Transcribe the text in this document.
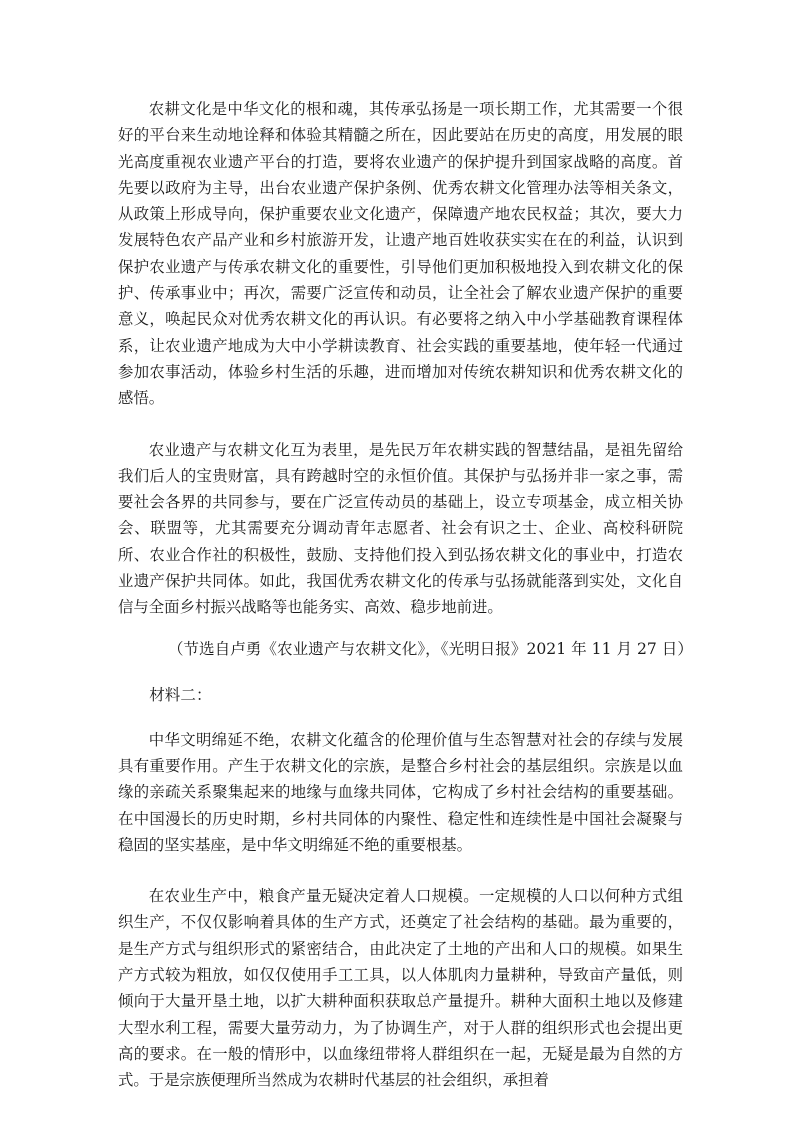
农耕文化是中华文化的根和魂，其传承弘扬是一项长期工作，尤其需要一个很好的平台来生动地诠释和体验其精髓之所在，因此要站在历史的高度，用发展的眼光高度重视农业遗产平台的打造，要将农业遗产的保护提升到国家战略的高度。首先要以政府为主导，出台农业遗产保护条例、优秀农耕文化管理办法等相关条文，从政策上形成导向，保护重要农业文化遗产，保障遗产地农民权益；其次，要大力发展特色农产品产业和乡村旅游开发，让遗产地百姓收获实实在在的利益，认识到保护农业遗产与传承农耕文化的重要性，引导他们更加积极地投入到农耕文化的保护、传承事业中；再次，需要广泛宣传和动员，让全社会了解农业遗产保护的重要意义，唤起民众对优秀农耕文化的再认识。有必要将之纳入中小学基础教育课程体系，让农业遗产地成为大中小学耕读教育、社会实践的重要基地，使年轻一代通过参加农事活动，体验乡村生活的乐趣，进而增加对传统农耕知识和优秀农耕文化的感悟。

农业遗产与农耕文化互为表里，是先民万年农耕实践的智慧结晶，是祖先留给我们后人的宝贵财富，具有跨越时空的永恒价值。其保护与弘扬并非一家之事，需要社会各界的共同参与，要在广泛宣传动员的基础上，设立专项基金，成立相关协会、联盟等，尤其需要充分调动青年志愿者、社会有识之士、企业、高校科研院所、农业合作社的积极性，鼓励、支持他们投入到弘扬农耕文化的事业中，打造农业遗产保护共同体。如此，我国优秀农耕文化的传承与弘扬就能落到实处，文化自信与全面乡村振兴战略等也能务实、高效、稳步地前进。

（节选自卢勇《农业遗产与农耕文化》，《光明日报》2021 年 11 月 27 日）

材料二：

中华文明绵延不绝，农耕文化蕴含的伦理价值与生态智慧对社会的存续与发展具有重要作用。产生于农耕文化的宗族，是整合乡村社会的基层组织。宗族是以血缘的亲疏关系聚集起来的地缘与血缘共同体，它构成了乡村社会结构的重要基础。在中国漫长的历史时期，乡村共同体的内聚性、稳定性和连续性是中国社会凝聚与稳固的坚实基座，是中华文明绵延不绝的重要根基。

在农业生产中，粮食产量无疑决定着人口规模。一定规模的人口以何种方式组织生产，不仅仅影响着具体的生产方式，还奠定了社会结构的基础。最为重要的，是生产方式与组织形式的紧密结合，由此决定了土地的产出和人口的规模。如果生产方式较为粗放，如仅仅使用手工工具，以人体肌肉力量耕种，导致亩产量低，则倾向于大量开垦土地，以扩大耕种面积获取总产量提升。耕种大面积土地以及修建大型水利工程，需要大量劳动力，为了协调生产，对于人群的组织形式也会提出更高的要求。在一般的情形中，以血缘纽带将人群组织在一起，无疑是最为自然的方式。于是宗族便理所当然成为农耕时代基层的社会组织，承担着
